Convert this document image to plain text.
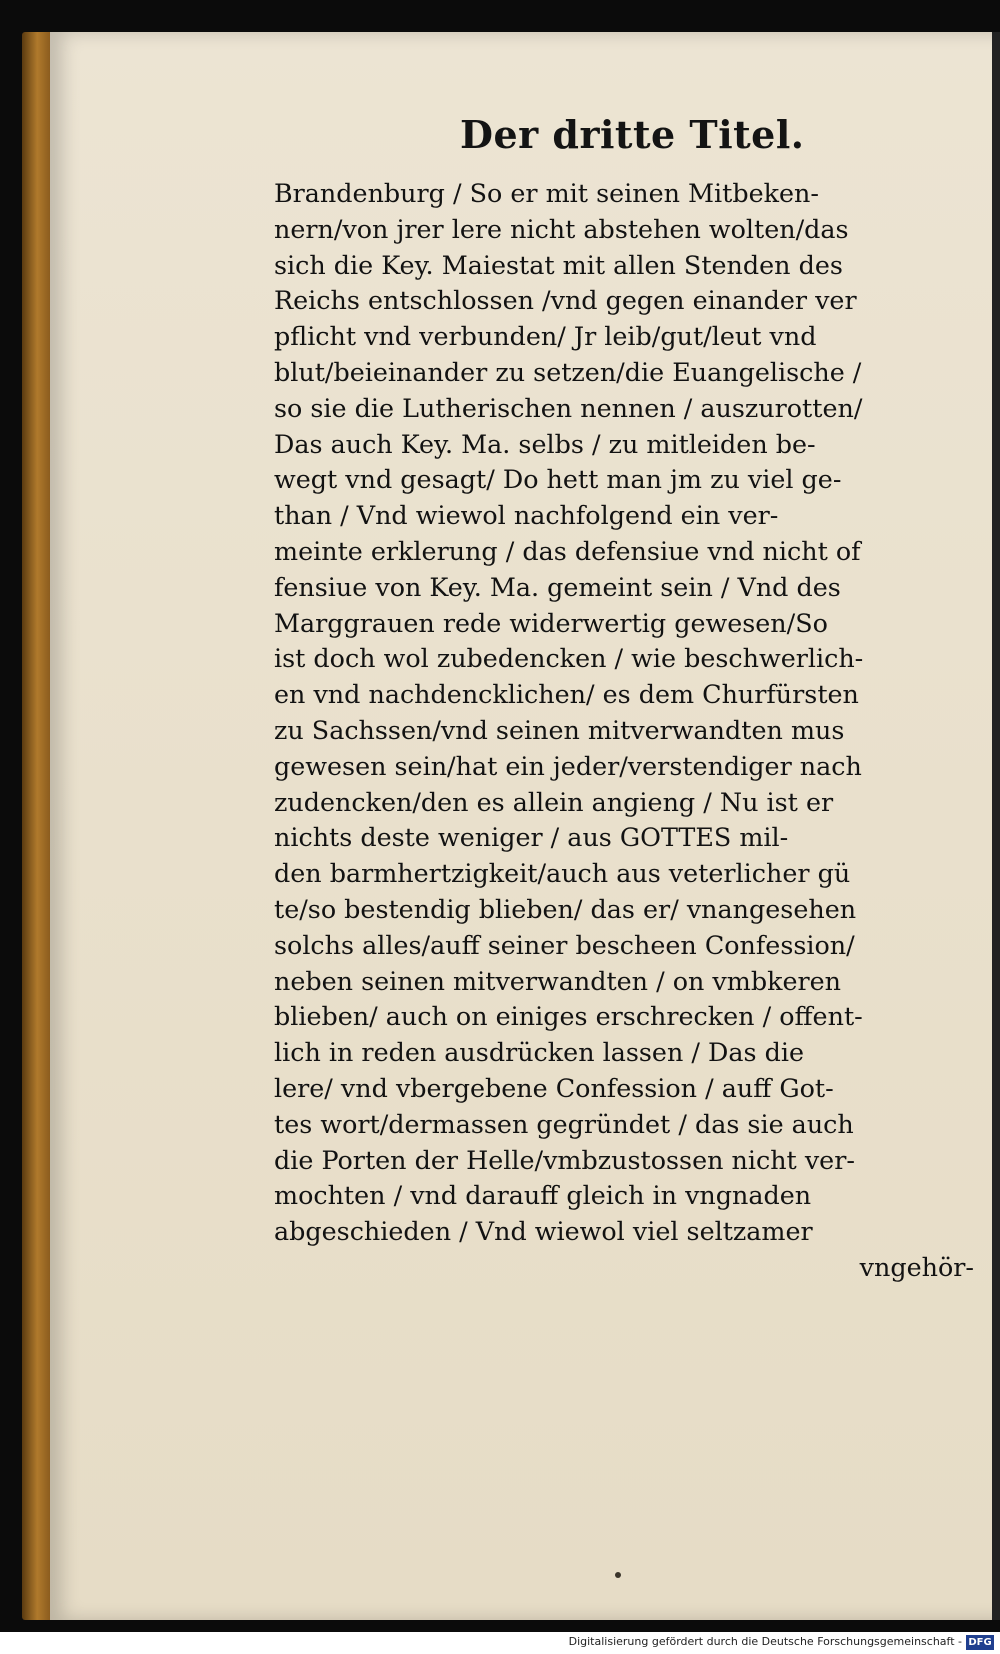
Der dritte Titel.
Brandenburg / So er mit seinen Mitbeken-
nern/von jrer lere nicht abstehen wolten/das
sich die Key. Maiestat mit allen Stenden des
Reichs entschlossen /vnd gegen einander ver
pflicht vnd verbunden/ Jr leib/gut/leut vnd
blut/beieinander zu setzen/die Euangelische /
so sie die Lutherischen nennen / auszurotten/
Das auch Key. Ma. selbs / zu mitleiden be-
wegt vnd gesagt/ Do hett man jm zu viel ge-
than / Vnd wiewol nachfolgend ein ver-
meinte erklerung / das defensiue vnd nicht of
fensiue von Key. Ma. gemeint sein / Vnd des
Marggrauen rede widerwertig gewesen/So
ist doch wol zubedencken / wie beschwerlich-
en vnd nachdencklichen/ es dem Churfürsten
zu Sachssen/vnd seinen mitverwandten mus
gewesen sein/hat ein jeder/verstendiger nach
zudencken/den es allein angieng / Nu ist er
nichts deste weniger / aus GOTTES mil-
den barmhertzigkeit/auch aus veterlicher gü
te/so bestendig blieben/ das er/ vnangesehen
solchs alles/auff seiner bescheen Confession/
neben seinen mitverwandten / on vmbkeren
blieben/ auch on einiges erschrecken / offent-
lich in reden ausdrücken lassen / Das die
lere/ vnd vbergebene Confession / auff Got-
tes wort/dermassen gegründet / das sie auch
die Porten der Helle/vmbzustossen nicht ver-
mochten / vnd darauff gleich in vngnaden
abgeschieden / Vnd wiewol viel seltzamer
vngehör-
Digitalisierung gefördert durch die Deutsche Forschungsgemeinschaft - DFG
